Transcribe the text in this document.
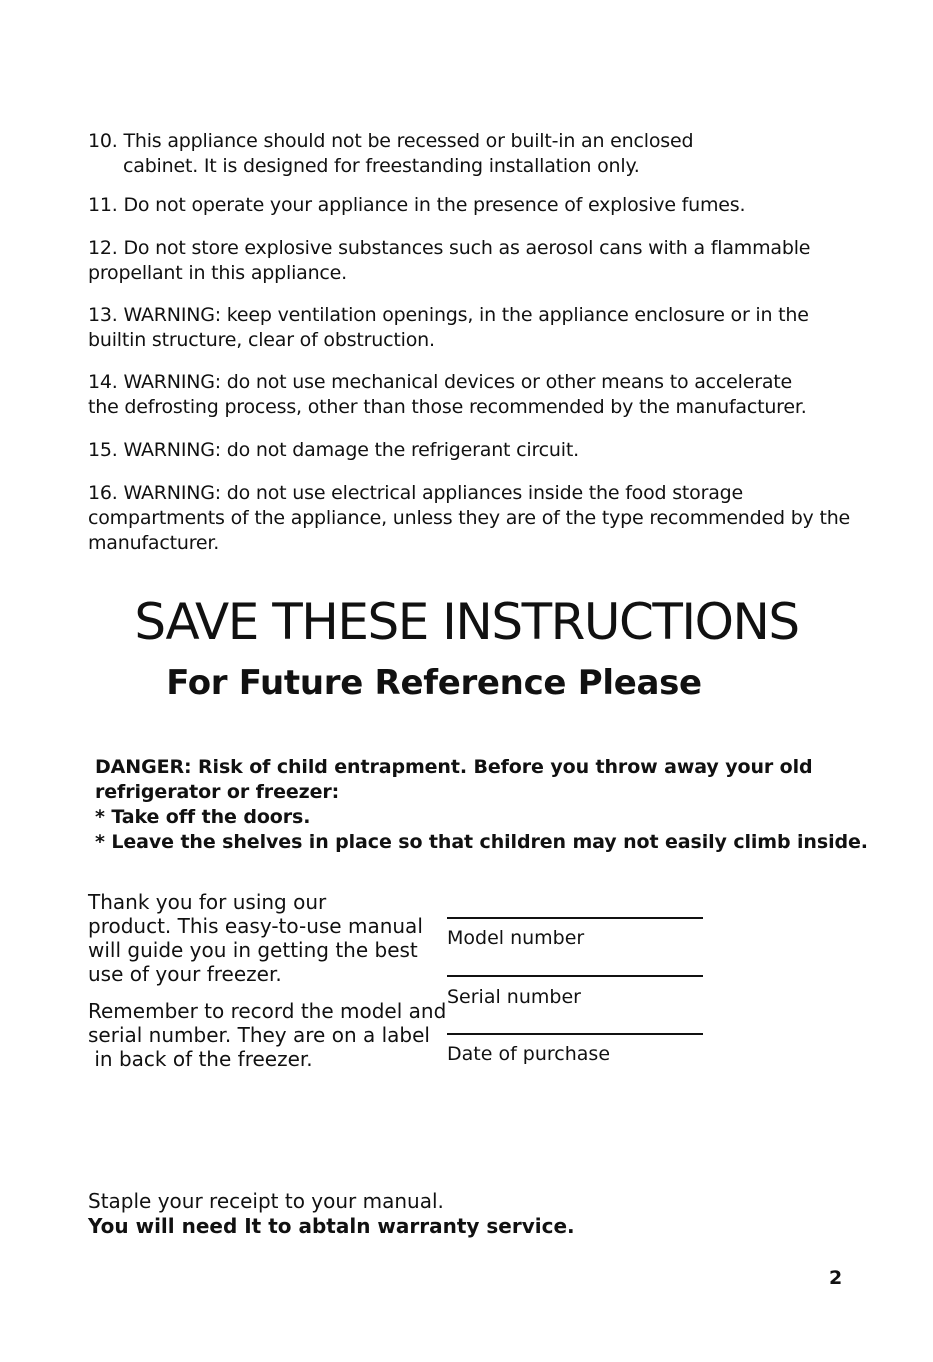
10. This appliance should not be recessed or built-in an enclosed

cabinet. It is designed for freestanding installation only.

11. Do not operate your appliance in the presence of explosive fumes.

12. Do not store explosive substances such as aerosol cans with a flammable

propellant in this appliance.

13. WARNING: keep ventilation openings, in the appliance enclosure or in the

builtin structure, clear of obstruction.

14. WARNING: do not use mechanical devices or other means to accelerate

the defrosting process, other than those recommended by the manufacturer.

15. WARNING: do not damage the refrigerant circuit.

16. WARNING: do not use electrical appliances inside the food storage

compartments of the appliance, unless they are of the type recommended by the

manufacturer.

SAVE THESE INSTRUCTIONS
For Future Reference Please

DANGER: Risk of child entrapment. Before you throw away your old

refrigerator or freezer:

* Take off the doors.

* Leave the shelves in place so that children may not easily climb inside.

Thank you for using our

product. This easy-to-use manual

will guide you in getting the best

use of your freezer.

Remember to record the model and

serial number. They are on a label

in back of the freezer.

Model number
Serial number
Date of purchase

Staple your receipt to your manual.

You will need It to abtaln warranty service.

2
